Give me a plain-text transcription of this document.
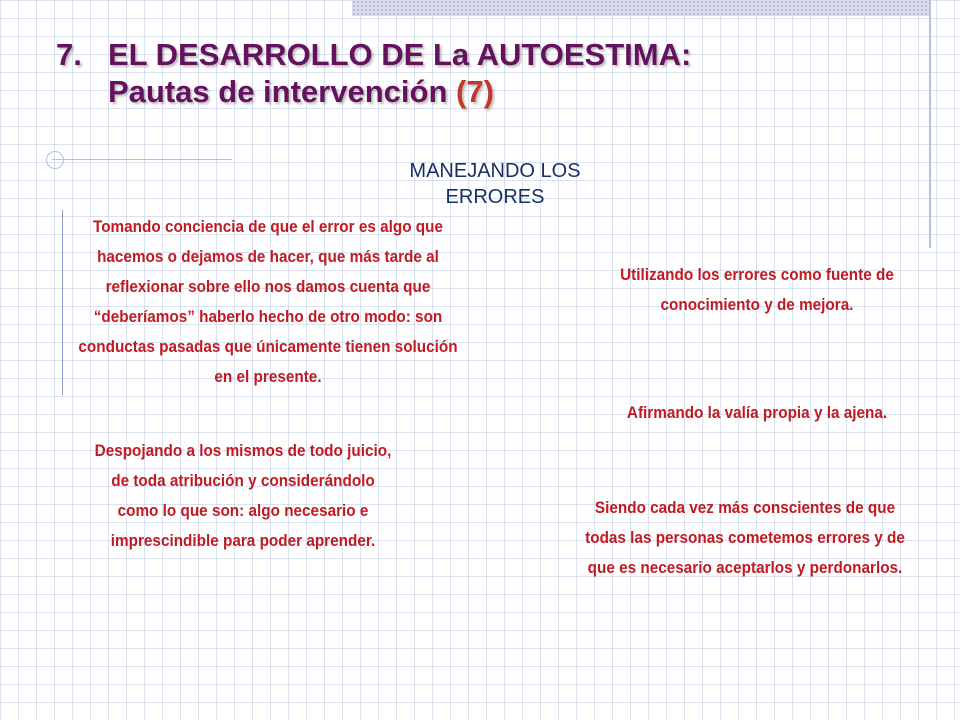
7. EL DESARROLLO DE La AUTOESTIMA:
Pautas de intervención (7)
MANEJANDO LOS ERRORES
Tomando conciencia de que el error es algo que hacemos o dejamos de hacer, que más tarde al reflexionar sobre ello nos damos cuenta que “deberíamos” haberlo hecho de otro modo: son conductas pasadas que únicamente tienen solución en el presente.
Despojando a los mismos de todo juicio, de toda atribución y considerándolo como lo que son: algo necesario e imprescindible para poder aprender.
Utilizando los errores como fuente de conocimiento y de mejora.
Afirmando la valía propia y la ajena.
Siendo cada vez más conscientes de que todas las personas cometemos errores y de que es necesario aceptarlos y perdonarlos.
